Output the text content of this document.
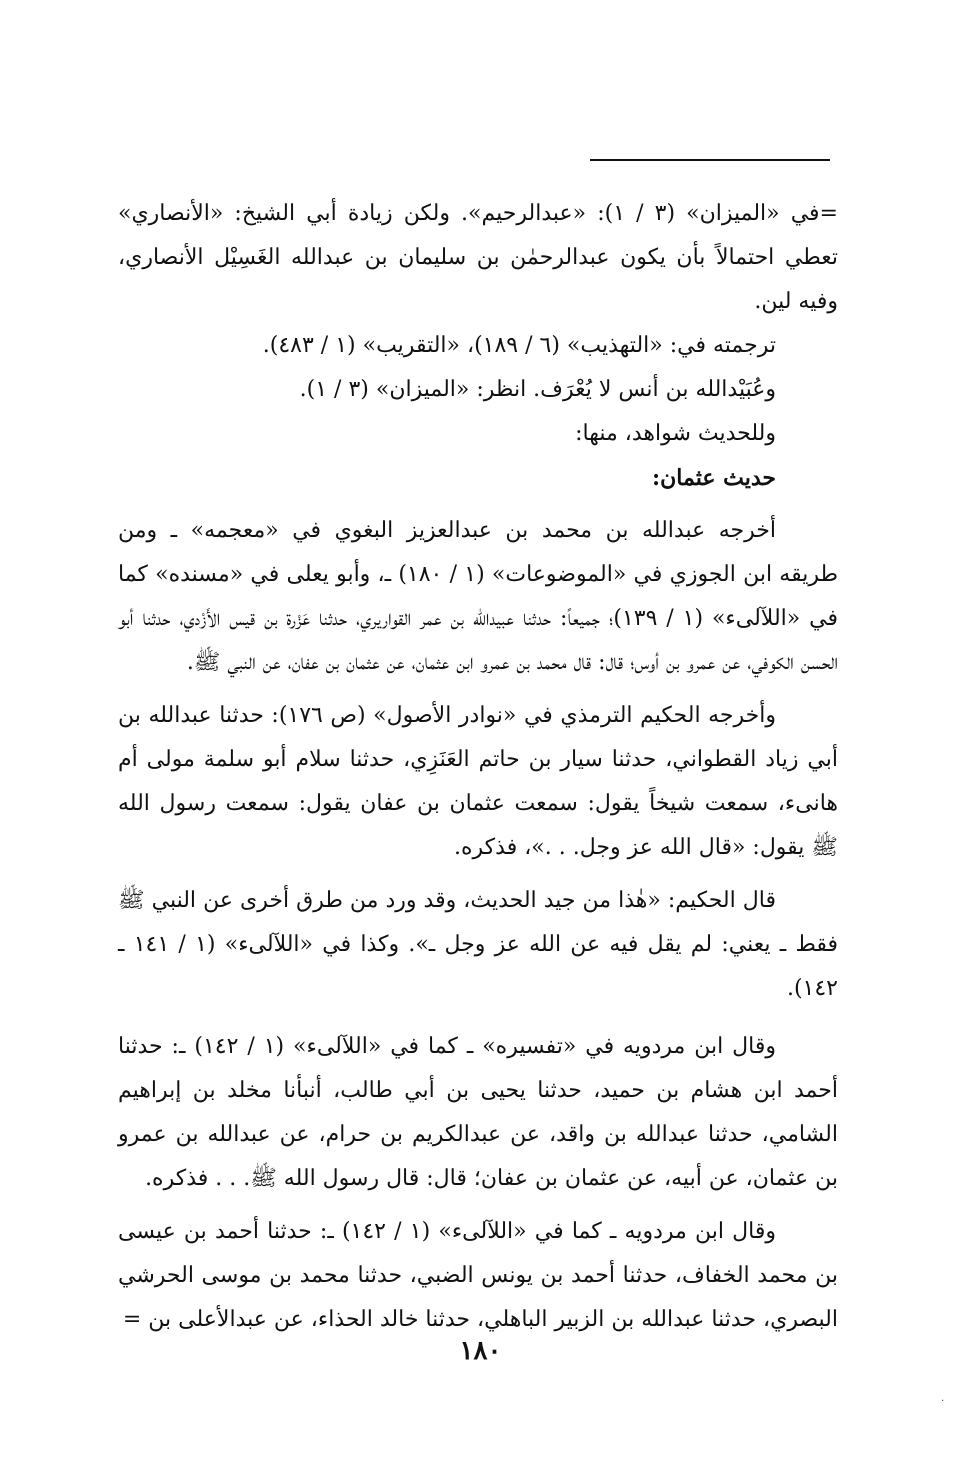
=في «الميزان» (٣ / ١): «عبدالرحيم». ولكن زيادة أبي الشيخ: «الأنصاري» تعطي احتمالاً بأن يكون عبدالرحمٰن بن سليمان بن عبدالله الغَسِيْل الأنصاري، وفيه لين.

ترجمته في: «التهذيب» (٦ / ١٨٩)، «التقريب» (١ / ٤٨٣).

وعُبَيْدالله بن أنس لا يُعْرَف. انظر: «الميزان» (٣ / ١).

وللحديث شواهد، منها:

حديث عثمان:

أخرجه عبدالله بن محمد بن عبدالعزيز البغوي في «معجمه» ـ ومن طريقه ابن الجوزي في «الموضوعات» (١ / ١٨٠) ـ، وأبو يعلى في «مسنده» كما في «اللآلىء» (١ / ١٣٩)؛ جميعاً: حدثنا عبيدالله بن عمر القواريري، حدثنا عَزْرة بن قيس الأَزْدي، حدثنا أبو الحسن الكوفي، عن عمرو بن أوس؛ قال: قال محمد بن عمرو ابن عثمان، عن عثمان بن عفان، عن النبي ﷺ.

وأخرجه الحكيم الترمذي في «نوادر الأصول» (ص ١٧٦): حدثنا عبدالله بن أبي زياد القطواني، حدثنا سيار بن حاتم العَنَزِي، حدثنا سلام أبو سلمة مولى أم هانىء، سمعت شيخاً يقول: سمعت عثمان بن عفان يقول: سمعت رسول الله ﷺ يقول: «قال الله عز وجل. . .»، فذكره.

قال الحكيم: «هٰذا من جيد الحديث، وقد ورد من طرق أخرى عن النبي ﷺ فقط ـ يعني: لم يقل فيه عن الله عز وجل ـ». وكذا في «اللآلىء» (١ / ١٤١ ـ ١٤٢).

وقال ابن مردويه في «تفسيره» ـ كما في «اللآلىء» (١ / ١٤٢) ـ: حدثنا أحمد ابن هشام بن حميد، حدثنا يحيى بن أبي طالب، أنبأنا مخلد بن إبراهيم الشامي، حدثنا عبدالله بن واقد، عن عبدالكريم بن حرام، عن عبدالله بن عمرو بن عثمان، عن أبيه، عن عثمان بن عفان؛ قال: قال رسول الله ﷺ. . . فذكره.

وقال ابن مردويه ـ كما في «اللآلىء» (١ / ١٤٢) ـ: حدثنا أحمد بن عيسى بن محمد الخفاف، حدثنا أحمد بن يونس الضبي، حدثنا محمد بن موسى الحرشي البصري، حدثنا عبدالله بن الزبير الباهلي، حدثنا خالد الحذاء، عن عبدالأعلى بن =

١٨٠
·
